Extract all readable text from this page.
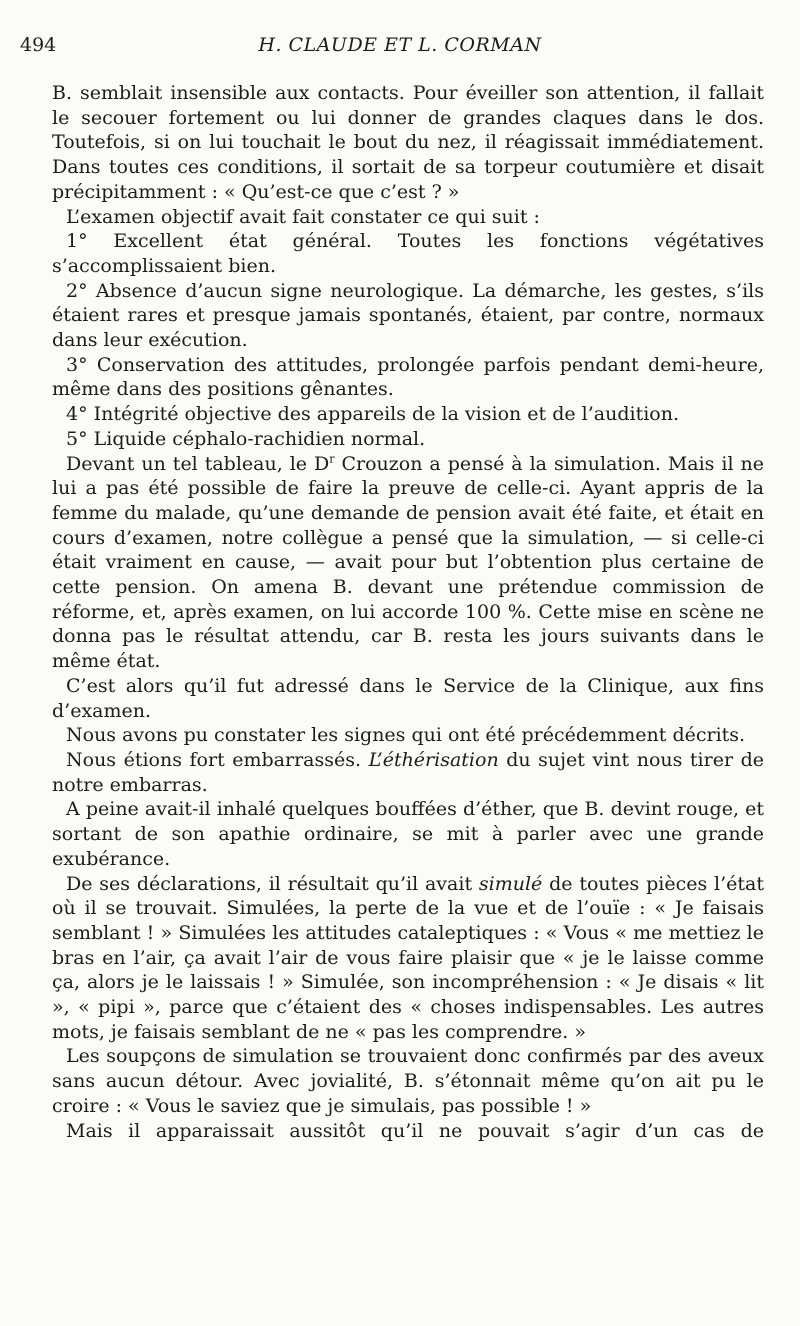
494	H. CLAUDE ET L. CORMAN

B. semblait insensible aux contacts. Pour éveiller son attention, il fallait le secouer fortement ou lui donner de grandes claques dans le dos. Toutefois, si on lui touchait le bout du nez, il réagissait immédiatement. Dans toutes ces conditions, il sortait de sa torpeur coutumière et disait précipitamment : « Qu’est-ce que c’est ? »

L’examen objectif avait fait constater ce qui suit :

1° Excellent état général. Toutes les fonctions végétatives s’accomplissaient bien.

2° Absence d’aucun signe neurologique. La démarche, les gestes, s’ils étaient rares et presque jamais spontanés, étaient, par contre, normaux dans leur exécution.

3° Conservation des attitudes, prolongée parfois pendant demi-heure, même dans des positions gênantes.

4° Intégrité objective des appareils de la vision et de l’audition.

5° Liquide céphalo-rachidien normal.

Devant un tel tableau, le $D^r$ Crouzon a pensé à la simulation. Mais il ne lui a pas été possible de faire la preuve de celle-ci. Ayant appris de la femme du malade, qu’une demande de pension avait été faite, et était en cours d’examen, notre collègue a pensé que la simulation, — si celle-ci était vraiment en cause, — avait pour but l’obtention plus certaine de cette pension. On amena B. devant une prétendue commission de réforme, et, après examen, on lui accorde 100 %. Cette mise en scène ne donna pas le résultat attendu, car B. resta les jours suivants dans le même état.

C’est alors qu’il fut adressé dans le Service de la Clinique, aux fins d’examen.

Nous avons pu constater les signes qui ont été précédemment décrits.

Nous étions fort embarrassés. L’éthérisation du sujet vint nous tirer de notre embarras.

A peine avait-il inhalé quelques bouffées d’éther, que B. devint rouge, et sortant de son apathie ordinaire, se mit à parler avec une grande exubérance.

De ses déclarations, il résultait qu’il avait simulé de toutes pièces l’état où il se trouvait. Simulées, la perte de la vue et de l’ouïe : « Je faisais semblant ! » Simulées les attitudes cataleptiques : « Vous « me mettiez le bras en l’air, ça avait l’air de vous faire plaisir que « je le laisse comme ça, alors je le laissais ! » Simulée, son incompréhension : « Je disais « lit », « pipi », parce que c’étaient des « choses indispensables. Les autres mots, je faisais semblant de ne « pas les comprendre. »

Les soupçons de simulation se trouvaient donc confirmés par des aveux sans aucun détour. Avec jovialité, B. s’étonnait même qu’on ait pu le croire : « Vous le saviez que je simulais, pas possible ! »

Mais il apparaissait aussitôt qu’il ne pouvait s’agir d’un cas de
